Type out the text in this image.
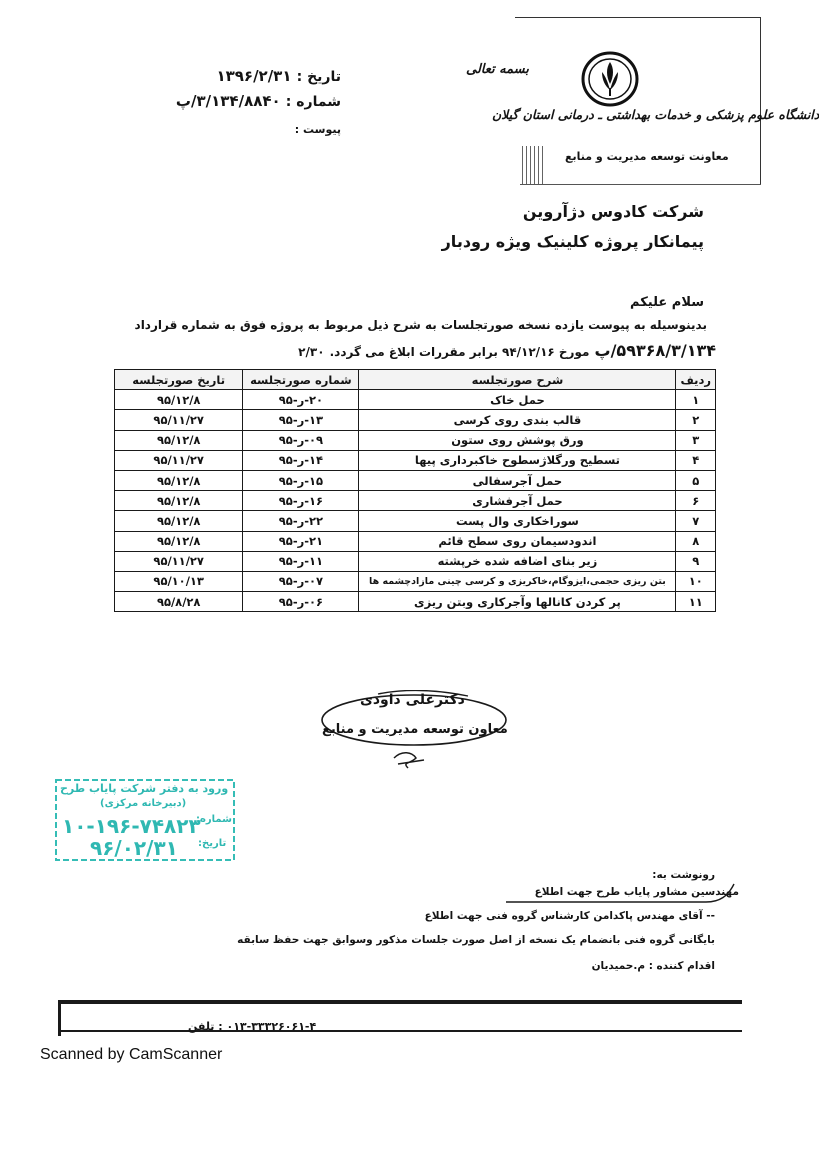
بسمه تعالی
دانشگاه علوم پزشکی و خدمات بهداشتی ـ درمانی استان گیلان
معاونت توسعه مدیریت و منابع
تاریخ : ۱۳۹۶/۲/۳۱
شماره : ۳/۱۳۴/۸۸۴۰/پ
پیوست :
شرکت کادوس دژآروین
پیمانکار پروژه کلینیک ویژه رودبار
سلام علیکم
بدینوسیله به پیوست یازده نسخه صورتجلسات به شرح ذیل مربوط به پروژه فوق به شماره قرارداد
۵۹۳۶۸/۳/۱۳۴/پ مورخ ۹۴/۱۲/۱۶ برابر مقررات ابلاغ می گردد. ۲/۳۰
ردیف	شرح صورتجلسه	شماره صورتجلسه	تاریخ صورتجلسه
۱	حمل خاک	۲۰-ر-۹۵	۹۵/۱۲/۸
۲	قالب بندی روی کرسی	۱۳-ر-۹۵	۹۵/۱۱/۲۷
۳	ورق پوشش روی ستون	۰۹-ر-۹۵	۹۵/۱۲/۸
۴	تسطیح ورگلاژسطوح خاکبرداری پیها	۱۴-ر-۹۵	۹۵/۱۱/۲۷
۵	حمل آجرسفالی	۱۵-ر-۹۵	۹۵/۱۲/۸
۶	حمل آجرفشاری	۱۶-ر-۹۵	۹۵/۱۲/۸
۷	سوراخکاری وال پست	۲۲-ر-۹۵	۹۵/۱۲/۸
۸	اندودسیمان روی سطح قائم	۲۱-ر-۹۵	۹۵/۱۲/۸
۹	زیر بنای اضافه شده خرپشته	۱۱-ر-۹۵	۹۵/۱۱/۲۷
۱۰	بتن ریزی حجمی،ایزوگام،خاکریزی و کرسی چینی مازادچشمه ها	۰۷-ر-۹۵	۹۵/۱۰/۱۳
۱۱	پر کردن کانالها وآجرکاری وبتن ریزی	۰۶-ر-۹۵	۹۵/۸/۲۸
دکترعلی داودی
معاون توسعه مدیریت و منابع
ورود به دفتر شرکت پایاب طرح
(دبیرخانه مرکزی)
شماره:
۱۰-۱۹۶-۷۴۸۲۳
تاریخ:
۹۶/۰۲/۳۱
رونوشت به:
مهندسین مشاور پایاب طرح جهت اطلاع
-- آقای مهندس پاکدامن کارشناس گروه فنی جهت اطلاع
بایگانی گروه فنی بانضمام یک نسخه از اصل صورت جلسات مذکور وسوابق جهت حفظ سابقه
اقدام کننده : م.حمیدیان
۰۱۳-۳۳۳۲۶۰۶۱-۴ : تلفن
Scanned by CamScanner
